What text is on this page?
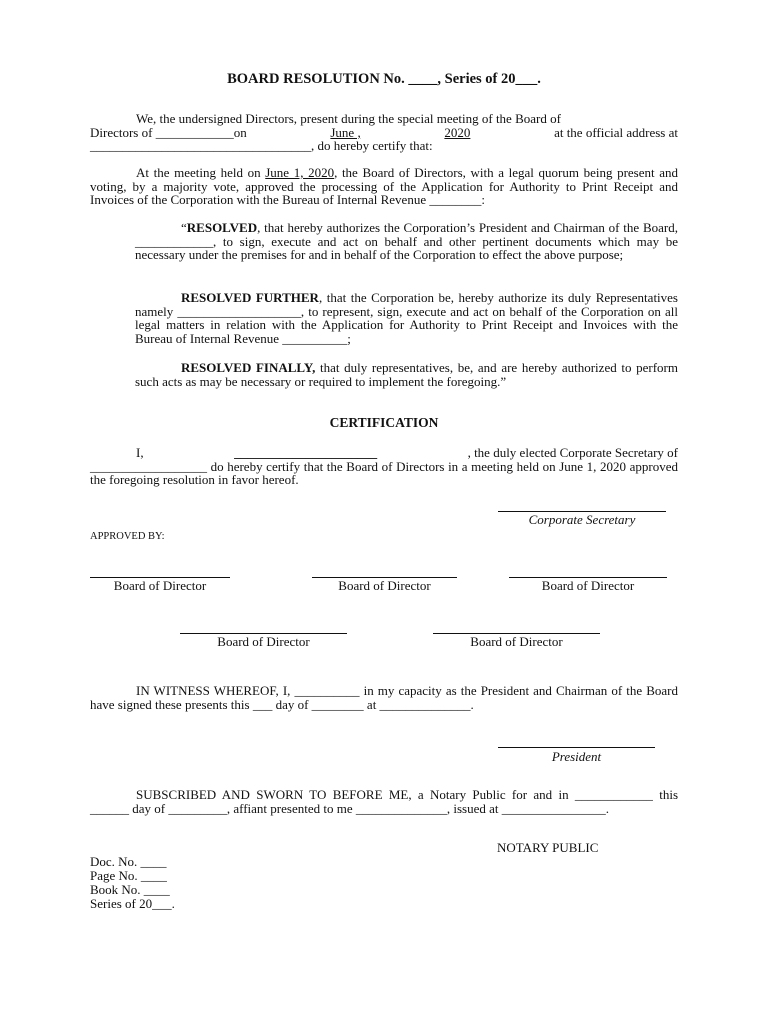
BOARD RESOLUTION No. ____, Series of 20___.
We, the undersigned Directors, present during the special meeting of the Board of
Directors of ____________on	June ,	2020	at the official address at
__________________________________, do hereby certify that:
At the meeting held on June 1, 2020, the Board of Directors, with a legal quorum being present and voting, by a majority vote, approved the processing of the Application for Authority to Print Receipt and Invoices of the Corporation with the Bureau of Internal Revenue ________:
“RESOLVED, that hereby authorizes the Corporation’s President and Chairman of the Board, ____________, to sign, execute and act on behalf and other pertinent documents which may be necessary under the premises for and in behalf of the Corporation to effect the above purpose;
RESOLVED FURTHER, that the Corporation be, hereby authorize its duly Representatives namely ___________________, to represent, sign, execute and act on behalf of the Corporation on all legal matters in relation with the Application for Authority to Print Receipt and Invoices with the Bureau of Internal Revenue __________;
RESOLVED FINALLY, that duly representatives, be, and are hereby authorized to perform such acts as may be necessary or required to implement the foregoing.”
CERTIFICATION
I,	______________________	, the duly elected Corporate Secretary of
__________________ do hereby certify that the Board of Directors in a meeting held on June 1, 2020 approved the foregoing resolution in favor hereof.
Corporate Secretary
APPROVED BY:
Board of Director	Board of Director	Board of Director
Board of Director	Board of Director
IN WITNESS WHEREOF, I, __________ in my capacity as the President and Chairman of the Board have signed these presents this ___ day of ________ at ______________.
President
SUBSCRIBED AND SWORN TO BEFORE ME, a Notary Public for and in ____________ this ______ day of _________, affiant presented to me ______________, issued at ________________.
NOTARY PUBLIC
Doc. No. ____
Page No. ____
Book No. ____
Series of 20___.
